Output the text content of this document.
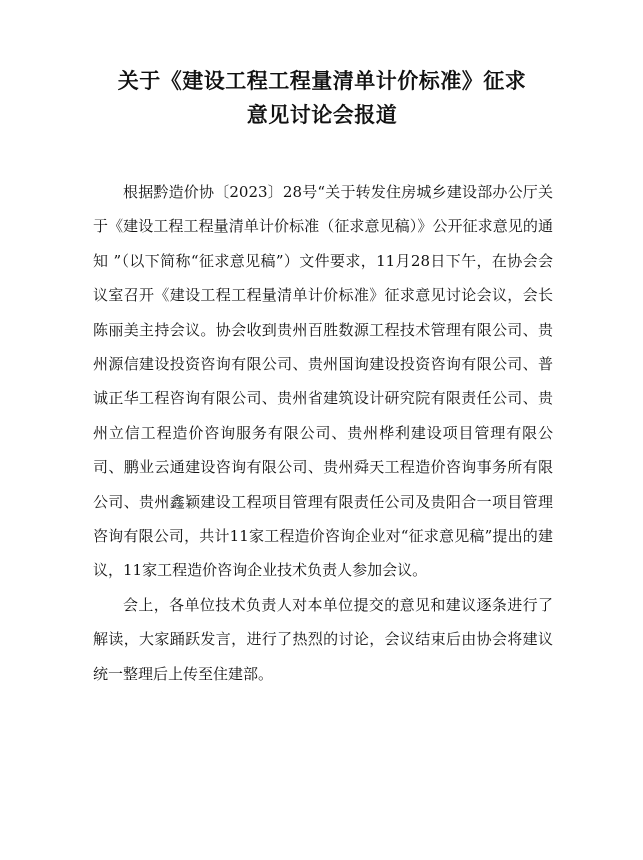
关于《建设工程工程量清单计价标准》征求
意见讨论会报道

根据黔造价协〔2023〕28号“关于转发住房城乡建设部办公厅关于《建设工程工程量清单计价标准（征求意见稿）》公开征求意见的通知 ”（以下简称“征求意见稿”）文件要求，11月28日下午，在协会会议室召开《建设工程工程量清单计价标准》征求意见讨论会议，会长陈丽美主持会议。协会收到贵州百胜数源工程技术管理有限公司、贵州源信建设投资咨询有限公司、贵州国询建设投资咨询有限公司、普诚正华工程咨询有限公司、贵州省建筑设计研究院有限责任公司、贵州立信工程造价咨询服务有限公司、贵州桦利建设项目管理有限公司、鹏业云通建设咨询有限公司、贵州舜天工程造价咨询事务所有限公司、贵州鑫颖建设工程项目管理有限责任公司及贵阳合一项目管理咨询有限公司，共计11家工程造价咨询企业对“征求意见稿”提出的建议，11家工程造价咨询企业技术负责人参加会议。

会上，各单位技术负责人对本单位提交的意见和建议逐条进行了解读，大家踊跃发言，进行了热烈的讨论，会议结束后由协会将建议统一整理后上传至住建部。
